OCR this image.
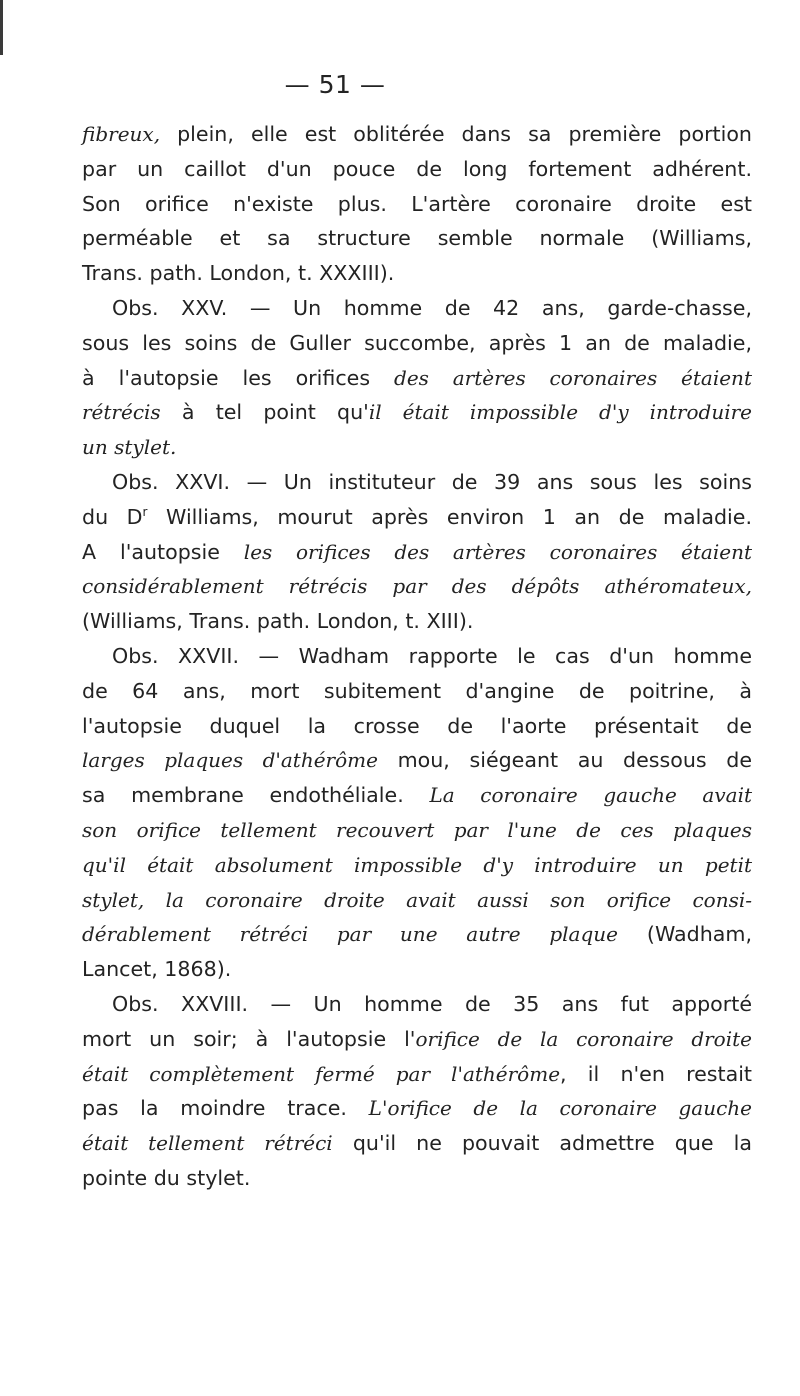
— 51 —
fibreux, plein, elle est oblitérée dans sa première portion
par un caillot d'un pouce de long fortement adhérent.
Son orifice n'existe plus. L'artère coronaire droite est
perméable et sa structure semble normale (Williams,
Trans. path. London, t. XXXIII).
Obs. XXV. — Un homme de 42 ans, garde-chasse,
sous les soins de Guller succombe, après 1 an de maladie,
à l'autopsie les orifices des artères coronaires étaient
rétrécis à tel point qu'il était impossible d'y introduire
un stylet.
Obs. XXVI. — Un instituteur de 39 ans sous les soins
du $D^r$ Williams, mourut après environ 1 an de maladie.
A l'autopsie les orifices des artères coronaires étaient
considérablement rétrécis par des dépôts athéromateux,
(Williams, Trans. path. London, t. XIII).
Obs. XXVII. — Wadham rapporte le cas d'un homme
de 64 ans, mort subitement d'angine de poitrine, à
l'autopsie duquel la crosse de l'aorte présentait de
larges plaques d'athérôme mou, siégeant au dessous de
sa membrane endothéliale. La coronaire gauche avait
son orifice tellement recouvert par l'une de ces plaques
qu'il était absolument impossible d'y introduire un petit
stylet, la coronaire droite avait aussi son orifice consi-
dérablement rétréci par une autre plaque (Wadham,
Lancet, 1868).
Obs. XXVIII. — Un homme de 35 ans fut apporté
mort un soir; à l'autopsie l'orifice de la coronaire droite
était complètement fermé par l'athérôme, il n'en restait
pas la moindre trace. L'orifice de la coronaire gauche
était tellement rétréci qu'il ne pouvait admettre que la
pointe du stylet.
